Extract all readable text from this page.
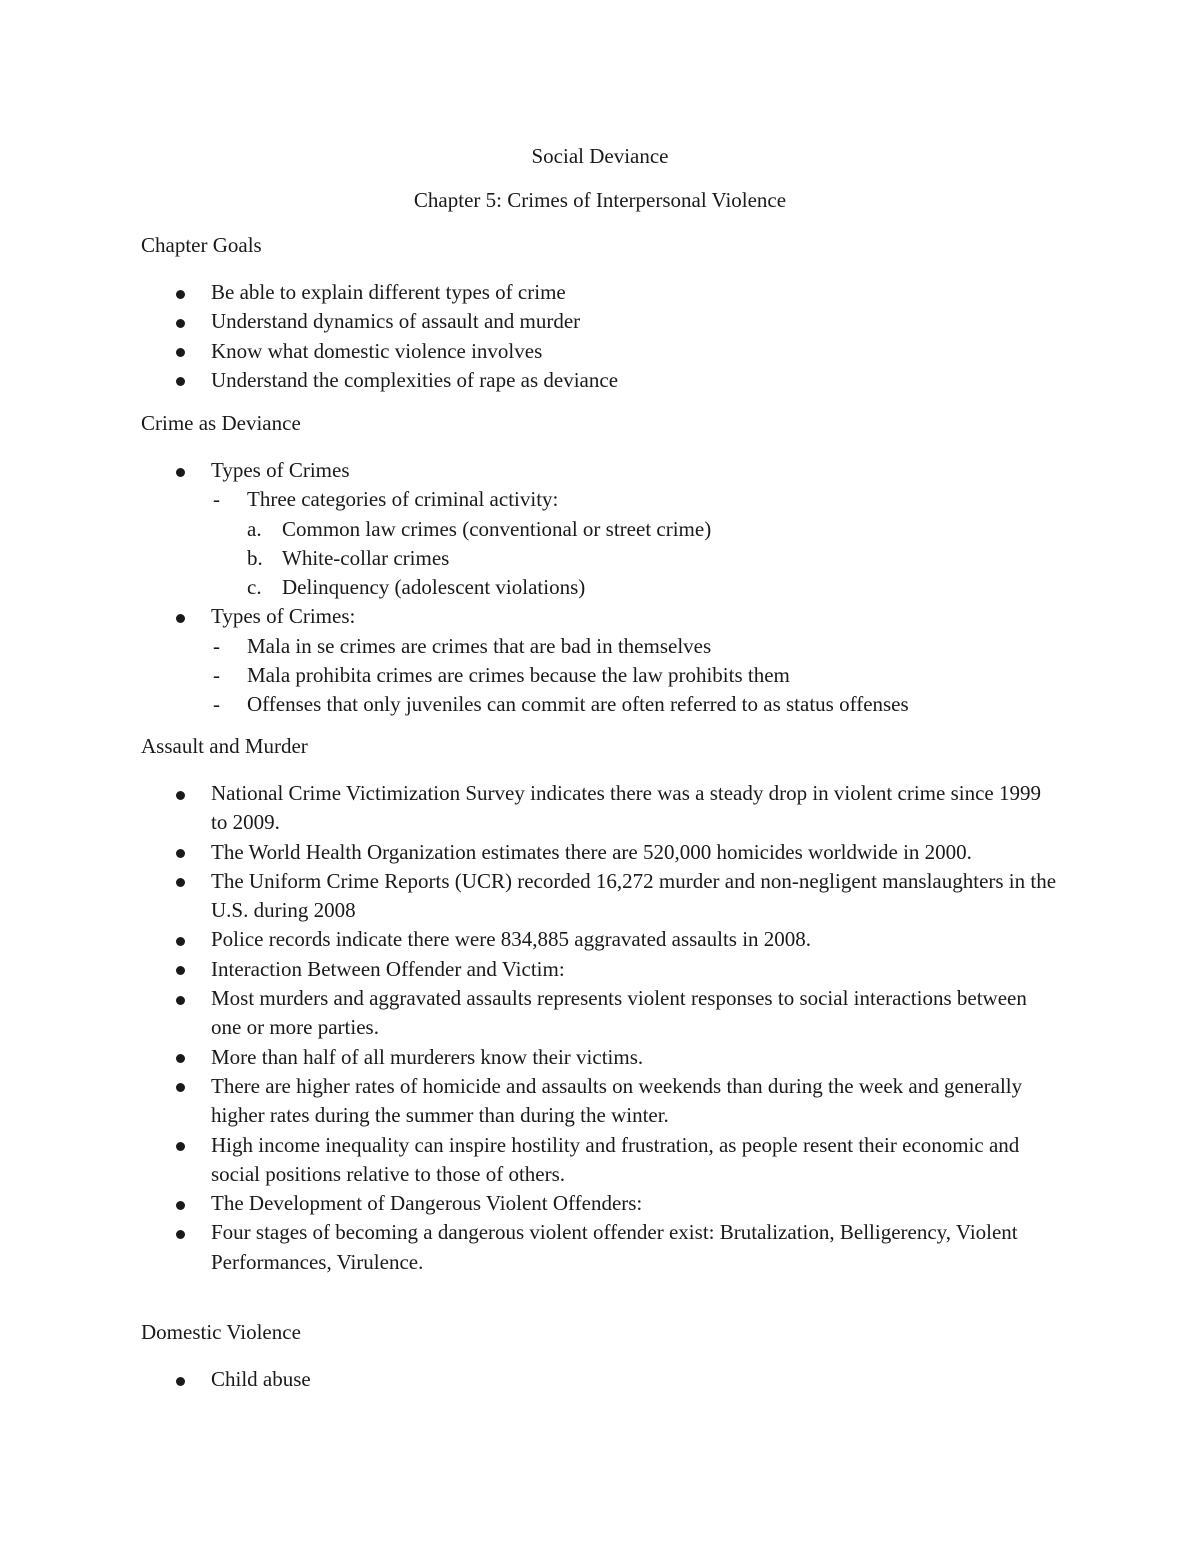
Social Deviance
Chapter 5: Crimes of Interpersonal Violence
Chapter Goals
Be able to explain different types of crime
Understand dynamics of assault and murder
Know what domestic violence involves
Understand the complexities of rape as deviance
Crime as Deviance
Types of Crimes
- Three categories of criminal activity:
a. Common law crimes (conventional or street crime)
b. White-collar crimes
c. Delinquency (adolescent violations)
Types of Crimes:
- Mala in se crimes are crimes that are bad in themselves
- Mala prohibita crimes are crimes because the law prohibits them
- Offenses that only juveniles can commit are often referred to as status offenses
Assault and Murder
National Crime Victimization Survey indicates there was a steady drop in violent crime since 1999 to 2009.
The World Health Organization estimates there are 520,000 homicides worldwide in 2000.
The Uniform Crime Reports (UCR) recorded 16,272 murder and non-negligent manslaughters in the U.S. during 2008
Police records indicate there were 834,885 aggravated assaults in 2008.
Interaction Between Offender and Victim:
Most murders and aggravated assaults represents violent responses to social interactions between one or more parties.
More than half of all murderers know their victims.
There are higher rates of homicide and assaults on weekends than during the week and generally higher rates during the summer than during the winter.
High income inequality can inspire hostility and frustration, as people resent their economic and social positions relative to those of others.
The Development of Dangerous Violent Offenders:
Four stages of becoming a dangerous violent offender exist: Brutalization, Belligerency, Violent Performances, Virulence.
Domestic Violence
Child abuse
